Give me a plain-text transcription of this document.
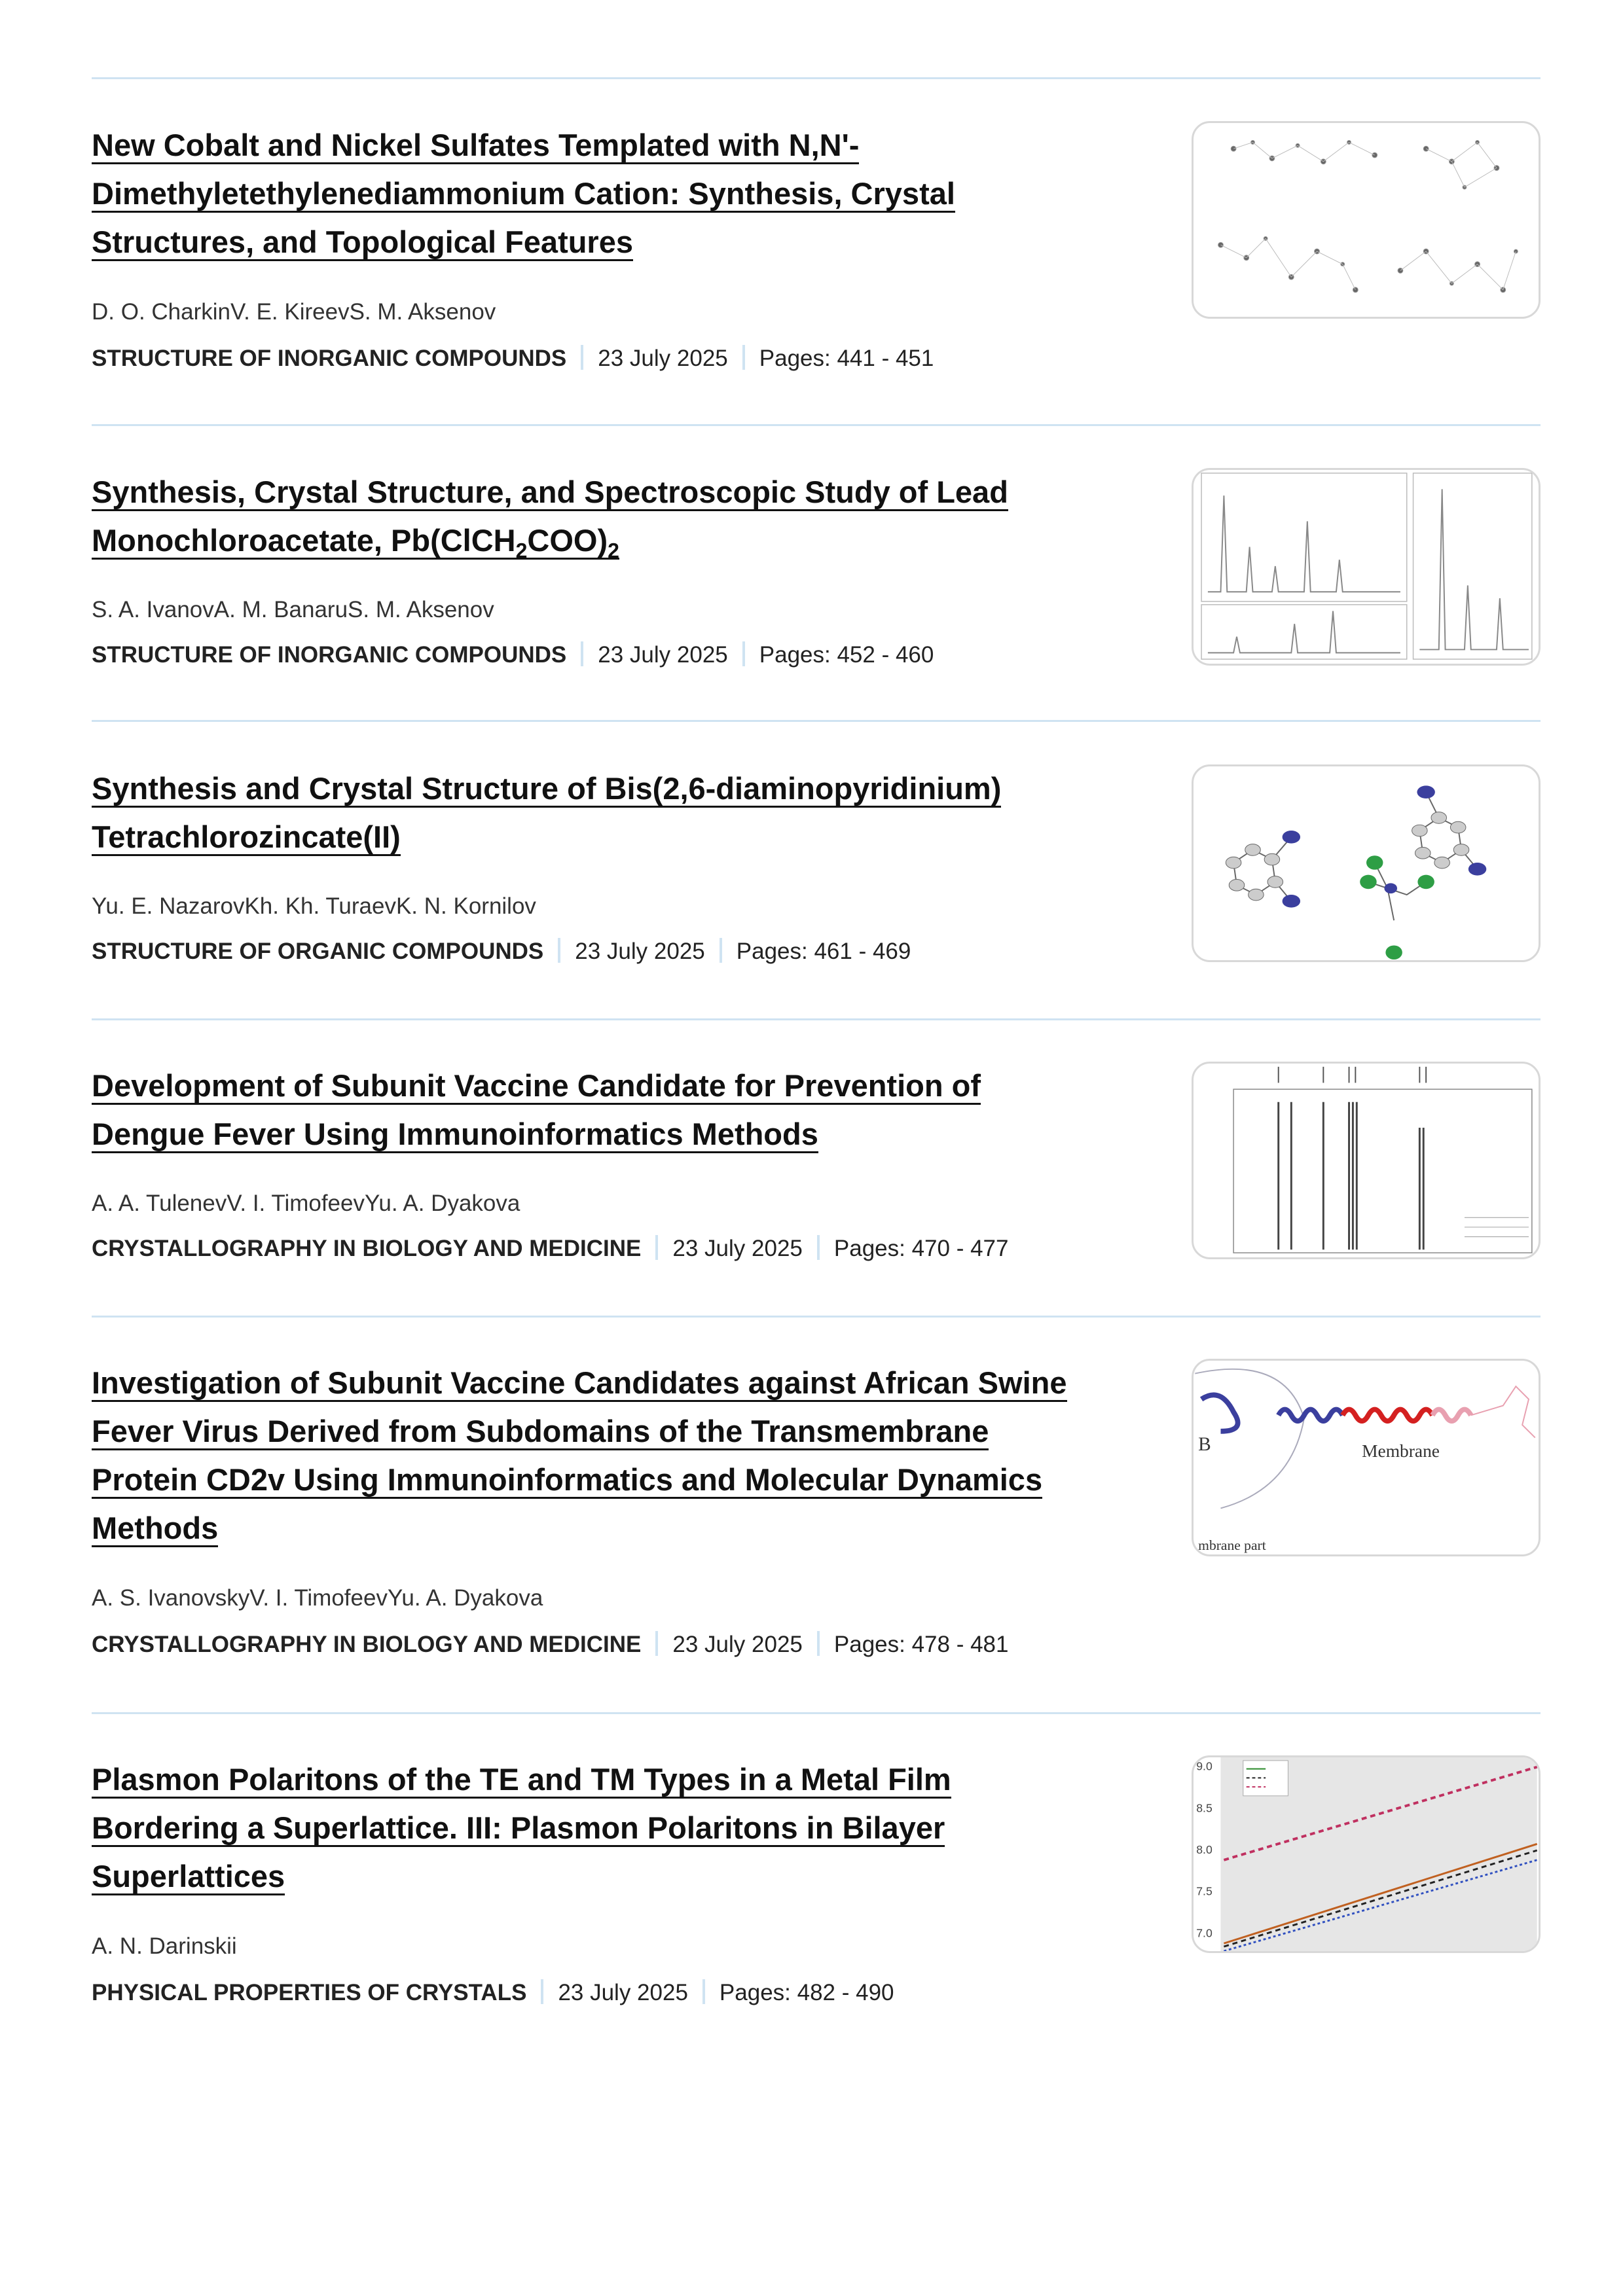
New Cobalt and Nickel Sulfates Templated with N,N'-
Dimethyletethylenediammonium Cation: Synthesis, Crystal
Structures, and Topological Features
D. O. CharkinV. E. KireevS. M. Aksenov
STRUCTURE OF INORGANIC COMPOUNDS 23 July 2025 Pages: 441 - 451
Synthesis, Crystal Structure, and Spectroscopic Study of Lead
Monochloroacetate, $Pb(ClCH_2COO)_2$
S. A. IvanovA. M. BanaruS. M. Aksenov
STRUCTURE OF INORGANIC COMPOUNDS 23 July 2025 Pages: 452 - 460
Synthesis and Crystal Structure of Bis(2,6-diaminopyridinium)
Tetrachlorozincate(II)
Yu. E. NazarovKh. Kh. TuraevK. N. Kornilov
STRUCTURE OF ORGANIC COMPOUNDS 23 July 2025 Pages: 461 - 469
Development of Subunit Vaccine Candidate for Prevention of
Dengue Fever Using Immunoinformatics Methods
A. A. TulenevV. I. TimofeevYu. A. Dyakova
CRYSTALLOGRAPHY IN BIOLOGY AND MEDICINE 23 July 2025 Pages: 470 - 477
Investigation of Subunit Vaccine Candidates against African Swine
Fever Virus Derived from Subdomains of the Transmembrane
Protein CD2v Using Immunoinformatics and Molecular Dynamics
Methods
A. S. IvanovskyV. I. TimofeevYu. A. Dyakova
CRYSTALLOGRAPHY IN BIOLOGY AND MEDICINE 23 July 2025 Pages: 478 - 481
B	Membrane
mbrane part
Plasmon Polaritons of the TE and TM Types in a Metal Film
Bordering a Superlattice. III: Plasmon Polaritons in Bilayer
Superlattices
A. N. Darinskii
PHYSICAL PROPERTIES OF CRYSTALS 23 July 2025 Pages: 482 - 490
9.0
8.5
8.0
7.5
7.0
